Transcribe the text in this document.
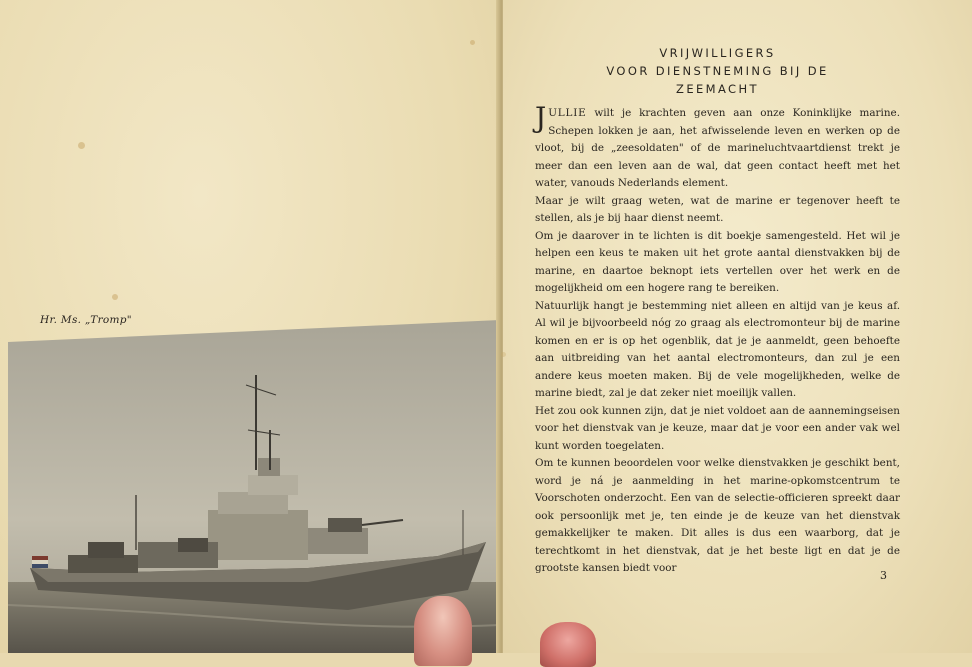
Hr. Ms. „Tromp"
VRIJWILLIGERS
VOOR DIENSTNEMING BIJ DE
ZEEMACHT

JULLIE wilt je krachten geven aan onze Koninklijke marine. Schepen lokken je aan, het afwisselende leven en werken op de vloot, bij de „zeesoldaten" of de marineluchtvaartdienst trekt je meer dan een leven aan de wal, dat geen contact heeft met het water, vanouds Nederlands element.

Maar je wilt graag weten, wat de marine er tegenover heeft te stellen, als je bij haar dienst neemt.

Om je daarover in te lichten is dit boekje samengesteld. Het wil je helpen een keus te maken uit het grote aantal dienstvakken bij de marine, en daartoe beknopt iets vertellen over het werk en de mogelijkheid om een hogere rang te bereiken.

Natuurlijk hangt je bestemming niet alleen en altijd van je keus af. Al wil je bijvoorbeeld nóg zo graag als electromonteur bij de marine komen en er is op het ogenblik, dat je je aanmeldt, geen behoefte aan uitbreiding van het aantal electromonteurs, dan zul je een andere keus moeten maken. Bij de vele mogelijkheden, welke de marine biedt, zal je dat zeker niet moeilijk vallen.

Het zou ook kunnen zijn, dat je niet voldoet aan de aannemingseisen voor het dienstvak van je keuze, maar dat je voor een ander vak wel kunt worden toegelaten.

Om te kunnen beoordelen voor welke dienstvakken je geschikt bent, word je ná je aanmelding in het marine-opkomstcentrum te Voorschoten onderzocht. Een van de selectie-officieren spreekt daar ook persoonlijk met je, ten einde je de keuze van het dienstvak gemakkelijker te maken. Dit alles is dus een waarborg, dat je terechtkomt in het dienstvak, dat je het beste ligt en dat je de grootste kansen biedt voor

3
